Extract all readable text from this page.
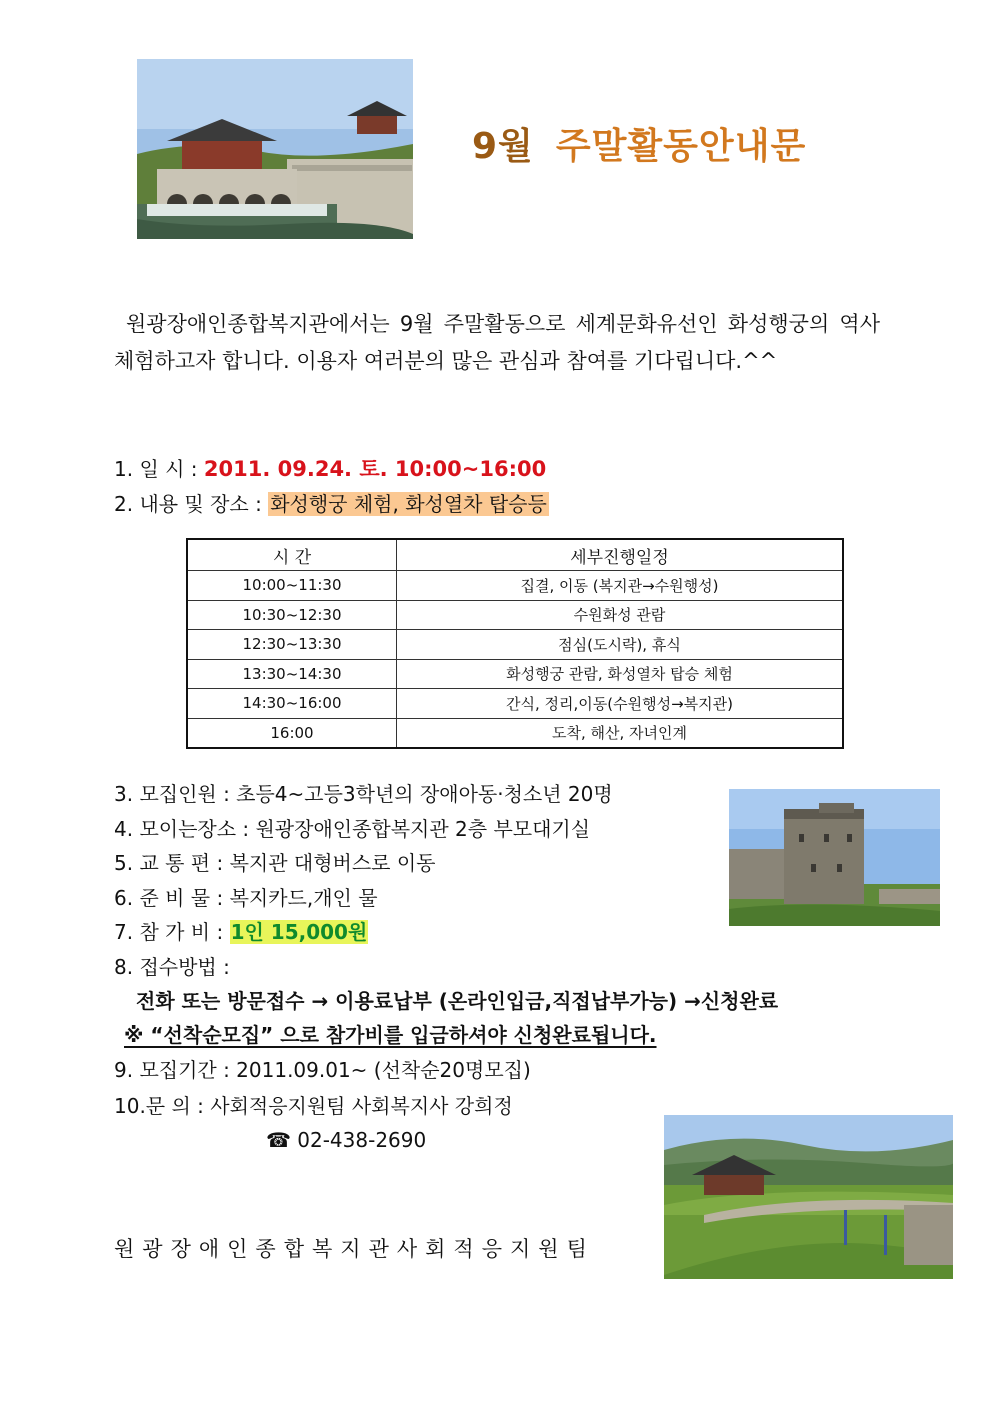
9월 주말활동안내문
원광장애인종합복지관에서는 9월 주말활동으로 세계문화유선인 화성행궁의 역사 체험하고자 합니다. 이용자 여러분의 많은 관심과 참여를 기다립니다.^^
1. 일 시 : 2011. 09.24. 토. 10:00~16:00
2. 내용 및 장소 : 화성행궁 체험, 화성열차 탑승등
시 간	세부진행일정
10:00~11:30	집결, 이동 (복지관→수원행성)
10:30~12:30	수원화성 관람
12:30~13:30	점심(도시락), 휴식
13:30~14:30	화성행궁 관람, 화성열차 탑승 체험
14:30~16:00	간식, 정리,이동(수원행성→복지관)
16:00	도착, 해산, 자녀인계
3. 모집인원 : 초등4~고등3학년의 장애아동·청소년 20명
4. 모이는장소 : 원광장애인종합복지관 2층 부모대기실
5. 교 통 편 : 복지관 대형버스로 이동
6. 준 비 물 : 복지카드,개인 물
7. 참 가 비 : 1인 15,000원
8. 접수방법 :
전화 또는 방문접수 → 이용료납부 (온라인입금,직접납부가능) →신청완료
※ “선착순모집” 으로 참가비를 입금하셔야 신청완료됩니다.
9. 모집기간 : 2011.09.01~ (선착순20명모집)
10.문 의 : 사회적응지원팀 사회복지사 강희정
☎ 02-438-2690
원광장애인종합복지관사회적응지원팀
